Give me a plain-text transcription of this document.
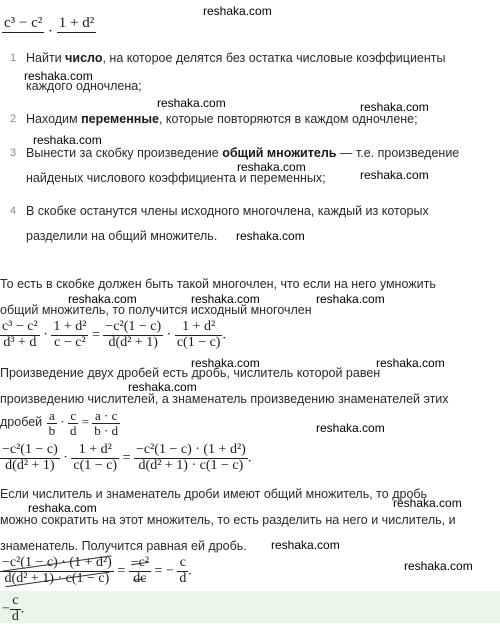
reshaka.com
reshaka.com
reshaka.com	reshaka.com
reshaka.com
reshaka.com
reshaka.com
reshaka.com
reshaka.com	reshaka.com	reshaka.com
reshaka.com	reshaka.com
reshaka.com
reshaka.com
reshaka.com
reshaka.com
reshaka.com
reshaka.com
c³ − c²

·
1 + d²

1 Найти число, на которое делятся без остатка числовые коэффициенты
каждого одночлена;
2 Находим переменные, которые повторяются в каждом одночлене;
3 Вынести за скобку произведение общий множитель — т.е. произведение
найденых числового коэффициента и переменных;
4 В скобке останутся члены исходного многочлена, каждый из которых
разделили на общий множитель.
То есть в скобке должен быть такой многочлен, что если на него умножить
общий множитель, то получится исходный многочлен
$\frac{\text{c³ − c²}}{\text{d³ + d}} \cdot \frac{\text{1 + d²}}{\text{c − c²}} = \frac{\text{−c²(1 − c)}}{\text{d(d² + 1)}} \cdot \frac{\text{1 + d²}}{c(1 - c)}$ .
Произведение двух дробей есть дробь, числитель которой равен
произведению числителей, а знаменатель произведению знаменателей этих
дробей $\frac{a}{b} \cdot \frac{c}{d} = \frac{a \cdot c}{b \cdot d}$
$\frac{\text{−c²(1 − c)}}{\text{d(d² + 1)}} \cdot \frac{\text{1 + d²}}{c(1 - c)} = \frac{\text{−c²(1 − c) · (1 + d²)}}{\text{d(d² + 1) · c(1 − c)}}$ .
Если числитель и знаменатель дроби имеют общий множитель, то дробь
можно сократить на этот множитель, то есть разделить на него и числитель, и
знаменатель. Получится равная ей дробь.
$\frac{\text{−c²(1 − c) · (1 + d²)}}{\text{d(d² + 1) · c(1 − c)}} = \frac{\text{−c²}}{dc}$ = − $\frac{c}{d}$ .
− $\frac{c}{d}$ .
